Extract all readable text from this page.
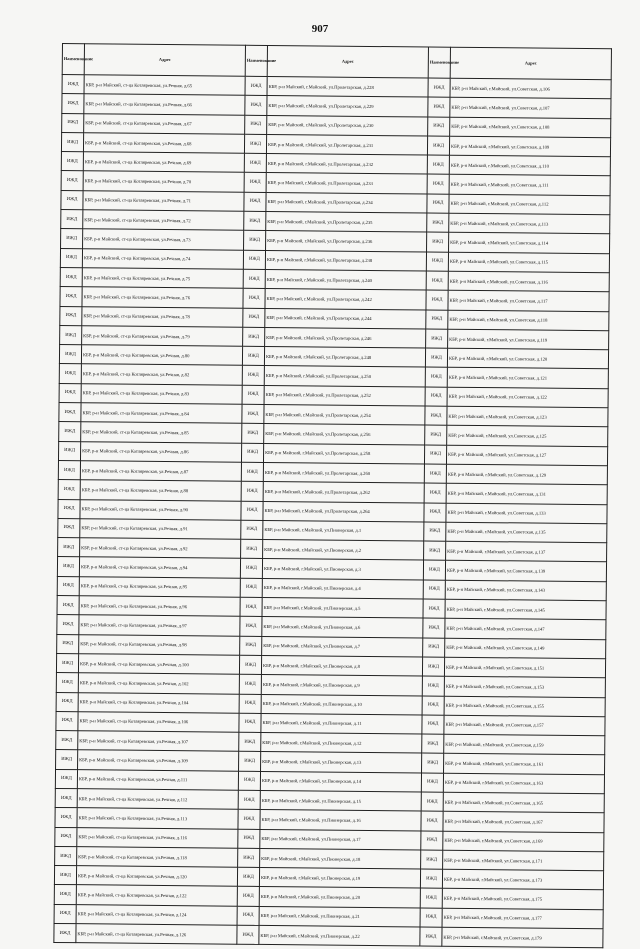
907
Наименование	Адрес	Наименование	Адрес	Наименование	Адрес
ИЖД	КБР, р-н Майский, ст-ца Котляревская, ул.Речная, д.65	ИЖД	КБР, р-н Майский, г.Майский, ул.Пролетарская, д.228	ИЖД	КБР, р-н Майский, г.Майский, ул.Советская, д.106
ИЖД	КБР, р-н Майский, ст-ца Котляревская, ул.Речная, д.66	ИЖД	КБР, р-н Майский, г.Майский, ул.Пролетарская, д.229	ИЖД	КБР, р-н Майский, г.Майский, ул.Советская, д.107
ИЖД	КБР, р-н Майский, ст-ца Котляревская, ул.Речная, д.67	ИЖД	КБР, р-н Майский, г.Майский, ул.Пролетарская, д.230	ИЖД	КБР, р-н Майский, г.Майский, ул.Советская, д.108
ИЖД	КБР, р-н Майский, ст-ца Котляревская, ул.Речная, д.68	ИЖД	КБР, р-н Майский, г.Майский, ул.Пролетарская, д.231	ИЖД	КБР, р-н Майский, г.Майский, ул.Советская, д.109
ИЖД	КБР, р-н Майский, ст-ца Котляревская, ул.Речная, д.69	ИЖД	КБР, р-н Майский, г.Майский, ул.Пролетарская, д.232	ИЖД	КБР, р-н Майский, г.Майский, ул.Советская, д.110
ИЖД	КБР, р-н Майский, ст-ца Котляревская, ул.Речная, д.70	ИЖД	КБР, р-н Майский, г.Майский, ул.Пролетарская, д.233	ИЖД	КБР, р-н Майский, г.Майский, ул.Советская, д.111
ИЖД	КБР, р-н Майский, ст-ца Котляревская, ул.Речная, д.71	ИЖД	КБР, р-н Майский, г.Майский, ул.Пролетарская, д.234	ИЖД	КБР, р-н Майский, г.Майский, ул.Советская, д.112
ИЖД	КБР, р-н Майский, ст-ца Котляревская, ул.Речная, д.72	ИЖД	КБР, р-н Майский, г.Майский, ул.Пролетарская, д.235	ИЖД	КБР, р-н Майский, г.Майский, ул.Советская, д.113
ИЖД	КБР, р-н Майский, ст-ца Котляревская, ул.Речная, д.73	ИЖД	КБР, р-н Майский, г.Майский, ул.Пролетарская, д.236	ИЖД	КБР, р-н Майский, г.Майский, ул.Советская, д.114
ИЖД	КБР, р-н Майский, ст-ца Котляревская, ул.Речная, д.74	ИЖД	КБР, р-н Майский, г.Майский, ул.Пролетарская, д.238	ИЖД	КБР, р-н Майский, г.Майский, ул.Советская, д.115
ИЖД	КБР, р-н Майский, ст-ца Котляревская, ул.Речная, д.75	ИЖД	КБР, р-н Майский, г.Майский, ул.Пролетарская, д.240	ИЖД	КБР, р-н Майский, г.Майский, ул.Советская, д.116
ИЖД	КБР, р-н Майский, ст-ца Котляревская, ул.Речная, д.76	ИЖД	КБР, р-н Майский, г.Майский, ул.Пролетарская, д.242	ИЖД	КБР, р-н Майский, г.Майский, ул.Советская, д.117
ИЖД	КБР, р-н Майский, ст-ца Котляревская, ул.Речная, д.78	ИЖД	КБР, р-н Майский, г.Майский, ул.Пролетарская, д.244	ИЖД	КБР, р-н Майский, г.Майский, ул.Советская, д.118
ИЖД	КБР, р-н Майский, ст-ца Котляревская, ул.Речная, д.79	ИЖД	КБР, р-н Майский, г.Майский, ул.Пролетарская, д.246	ИЖД	КБР, р-н Майский, г.Майский, ул.Советская, д.119
ИЖД	КБР, р-н Майский, ст-ца Котляревская, ул.Речная, д.80	ИЖД	КБР, р-н Майский, г.Майский, ул.Пролетарская, д.248	ИЖД	КБР, р-н Майский, г.Майский, ул.Советская, д.120
ИЖД	КБР, р-н Майский, ст-ца Котляревская, ул.Речная, д.82	ИЖД	КБР, р-н Майский, г.Майский, ул.Пролетарская, д.250	ИЖД	КБР, р-н Майский, г.Майский, ул.Советская, д.121
ИЖД	КБР, р-н Майский, ст-ца Котляревская, ул.Речная, д.83	ИЖД	КБР, р-н Майский, г.Майский, ул.Пролетарская, д.252	ИЖД	КБР, р-н Майский, г.Майский, ул.Советская, д.122
ИЖД	КБР, р-н Майский, ст-ца Котляревская, ул.Речная, д.84	ИЖД	КБР, р-н Майский, г.Майский, ул.Пролетарская, д.254	ИЖД	КБР, р-н Майский, г.Майский, ул.Советская, д.123
ИЖД	КБР, р-н Майский, ст-ца Котляревская, ул.Речная, д.85	ИЖД	КБР, р-н Майский, г.Майский, ул.Пролетарская, д.256	ИЖД	КБР, р-н Майский, г.Майский, ул.Советская, д.125
ИЖД	КБР, р-н Майский, ст-ца Котляревская, ул.Речная, д.86	ИЖД	КБР, р-н Майский, г.Майский, ул.Пролетарская, д.258	ИЖД	КБР, р-н Майский, г.Майский, ул.Советская, д.127
ИЖД	КБР, р-н Майский, ст-ца Котляревская, ул.Речная, д.87	ИЖД	КБР, р-н Майский, г.Майский, ул.Пролетарская, д.260	ИЖД	КБР, р-н Майский, г.Майский, ул.Советская, д.129
ИЖД	КБР, р-н Майский, ст-ца Котляревская, ул.Речная, д.88	ИЖД	КБР, р-н Майский, г.Майский, ул.Пролетарская, д.262	ИЖД	КБР, р-н Майский, г.Майский, ул.Советская, д.131
ИЖД	КБР, р-н Майский, ст-ца Котляревская, ул.Речная, д.90	ИЖД	КБР, р-н Майский, г.Майский, ул.Пролетарская, д.264	ИЖД	КБР, р-н Майский, г.Майский, ул.Советская, д.133
ИЖД	КБР, р-н Майский, ст-ца Котляревская, ул.Речная, д.91	ИЖД	КБР, р-н Майский, г.Майский, ул.Пионерская, д.1	ИЖД	КБР, р-н Майский, г.Майский, ул.Советская, д.135
ИЖД	КБР, р-н Майский, ст-ца Котляревская, ул.Речная, д.92	ИЖД	КБР, р-н Майский, г.Майский, ул.Пионерская, д.2	ИЖД	КБР, р-н Майский, г.Майский, ул.Советская, д.137
ИЖД	КБР, р-н Майский, ст-ца Котляревская, ул.Речная, д.94	ИЖД	КБР, р-н Майский, г.Майский, ул.Пионерская, д.3	ИЖД	КБР, р-н Майский, г.Майский, ул.Советская, д.139
ИЖД	КБР, р-н Майский, ст-ца Котляревская, ул.Речная, д.95	ИЖД	КБР, р-н Майский, г.Майский, ул.Пионерская, д.4	ИЖД	КБР, р-н Майский, г.Майский, ул.Советская, д.143
ИЖД	КБР, р-н Майский, ст-ца Котляревская, ул.Речная, д.96	ИЖД	КБР, р-н Майский, г.Майский, ул.Пионерская, д.5	ИЖД	КБР, р-н Майский, г.Майский, ул.Советская, д.145
ИЖД	КБР, р-н Майский, ст-ца Котляревская, ул.Речная, д.97	ИЖД	КБР, р-н Майский, г.Майский, ул.Пионерская, д.6	ИЖД	КБР, р-н Майский, г.Майский, ул.Советская, д.147
ИЖД	КБР, р-н Майский, ст-ца Котляревская, ул.Речная, д.98	ИЖД	КБР, р-н Майский, г.Майский, ул.Пионерская, д.7	ИЖД	КБР, р-н Майский, г.Майский, ул.Советская, д.149
ИЖД	КБР, р-н Майский, ст-ца Котляревская, ул.Речная, д.100	ИЖД	КБР, р-н Майский, г.Майский, ул.Пионерская, д.8	ИЖД	КБР, р-н Майский, г.Майский, ул.Советская, д.151
ИЖД	КБР, р-н Майский, ст-ца Котляревская, ул.Речная, д.102	ИЖД	КБР, р-н Майский, г.Майский, ул.Пионерская, д.9	ИЖД	КБР, р-н Майский, г.Майский, ул.Советская, д.153
ИЖД	КБР, р-н Майский, ст-ца Котляревская, ул.Речная, д.104	ИЖД	КБР, р-н Майский, г.Майский, ул.Пионерская, д.10	ИЖД	КБР, р-н Майский, г.Майский, ул.Советская, д.155
ИЖД	КБР, р-н Майский, ст-ца Котляревская, ул.Речная, д.106	ИЖД	КБР, р-н Майский, г.Майский, ул.Пионерская, д.11	ИЖД	КБР, р-н Майский, г.Майский, ул.Советская, д.157
ИЖД	КБР, р-н Майский, ст-ца Котляревская, ул.Речная, д.107	ИЖД	КБР, р-н Майский, г.Майский, ул.Пионерская, д.12	ИЖД	КБР, р-н Майский, г.Майский, ул.Советская, д.159
ИЖД	КБР, р-н Майский, ст-ца Котляревская, ул.Речная, д.109	ИЖД	КБР, р-н Майский, г.Майский, ул.Пионерская, д.13	ИЖД	КБР, р-н Майский, г.Майский, ул.Советская, д.161
ИЖД	КБР, р-н Майский, ст-ца Котляревская, ул.Речная, д.111	ИЖД	КБР, р-н Майский, г.Майский, ул.Пионерская, д.14	ИЖД	КБР, р-н Майский, г.Майский, ул.Советская, д.163
ИЖД	КБР, р-н Майский, ст-ца Котляревская, ул.Речная, д.112	ИЖД	КБР, р-н Майский, г.Майский, ул.Пионерская, д.15	ИЖД	КБР, р-н Майский, г.Майский, ул.Советская, д.165
ИЖД	КБР, р-н Майский, ст-ца Котляревская, ул.Речная, д.113	ИЖД	КБР, р-н Майский, г.Майский, ул.Пионерская, д.16	ИЖД	КБР, р-н Майский, г.Майский, ул.Советская, д.167
ИЖД	КБР, р-н Майский, ст-ца Котляревская, ул.Речная, д.116	ИЖД	КБР, р-н Майский, г.Майский, ул.Пионерская, д.17	ИЖД	КБР, р-н Майский, г.Майский, ул.Советская, д.169
ИЖД	КБР, р-н Майский, ст-ца Котляревская, ул.Речная, д.118	ИЖД	КБР, р-н Майский, г.Майский, ул.Пионерская, д.18	ИЖД	КБР, р-н Майский, г.Майский, ул.Советская, д.171
ИЖД	КБР, р-н Майский, ст-ца Котляревская, ул.Речная, д.120	ИЖД	КБР, р-н Майский, г.Майский, ул.Пионерская, д.19	ИЖД	КБР, р-н Майский, г.Майский, ул.Советская, д.173
ИЖД	КБР, р-н Майский, ст-ца Котляревская, ул.Речная, д.122	ИЖД	КБР, р-н Майский, г.Майский, ул.Пионерская, д.20	ИЖД	КБР, р-н Майский, г.Майский, ул.Советская, д.175
ИЖД	КБР, р-н Майский, ст-ца Котляревская, ул.Речная, д.124	ИЖД	КБР, р-н Майский, г.Майский, ул.Пионерская, д.21	ИЖД	КБР, р-н Майский, г.Майский, ул.Советская, д.177
ИЖД	КБР, р-н Майский, ст-ца Котляревская, ул.Речная, д.126	ИЖД	КБР, р-н Майский, г.Майский, ул.Пионерская, д.22	ИЖД	КБР, р-н Майский, г.Майский, ул.Советская, д.179
